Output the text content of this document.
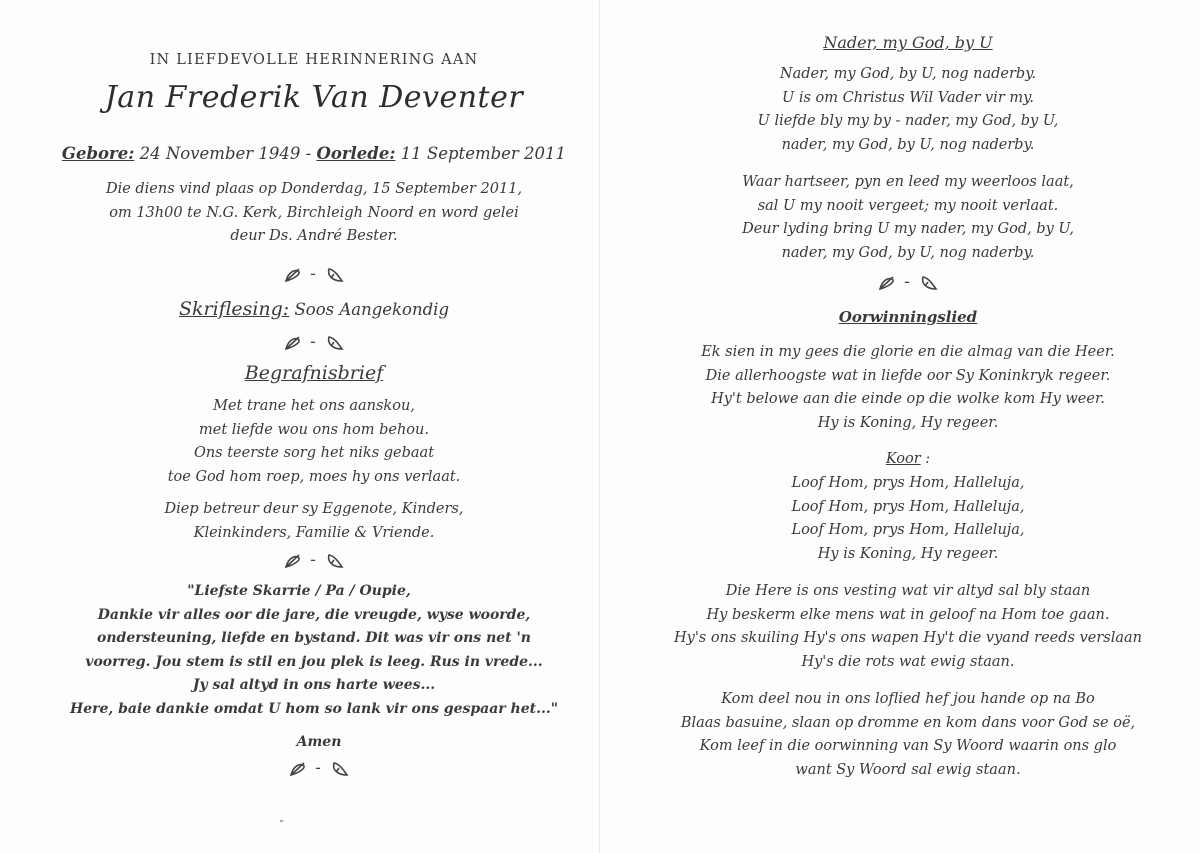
IN LIEFDEVOLLE HERINNERING AAN
Jan Frederik Van Deventer
Gebore: 24 November 1949 - Oorlede: 11 September 2011
Die diens vind plaas op Donderdag, 15 September 2011,
om 13h00 te N.G. Kerk, Birchleigh Noord en word gelei
deur Ds. André Bester.
-
Skriflesing: Soos Aangekondig
-
Begrafnisbrief
Met trane het ons aanskou,
met liefde wou ons hom behou.
Ons teerste sorg het niks gebaat
toe God hom roep, moes hy ons verlaat.
Diep betreur deur sy Eggenote, Kinders,
Kleinkinders, Familie & Vriende.
-
"Liefste Skarrie / Pa / Oupie,
Dankie vir alles oor die jare, die vreugde, wyse woorde,
ondersteuning, liefde en bystand. Dit was vir ons net 'n
voorreg. Jou stem is stil en jou plek is leeg. Rus in vrede...
Jy sal altyd in ons harte wees...
Here, baie dankie omdat U hom so lank vir ons gespaar het..."
Amen
-
Nader, my God, by U
Nader, my God, by U, nog naderby.
U is om Christus Wil Vader vir my.
U liefde bly my by - nader, my God, by U,
nader, my God, by U, nog naderby.
Waar hartseer, pyn en leed my weerloos laat,
sal U my nooit vergeet; my nooit verlaat.
Deur lyding bring U my nader, my God, by U,
nader, my God, by U, nog naderby.
-
Oorwinningslied
Ek sien in my gees die glorie en die almag van die Heer.
Die allerhoogste wat in liefde oor Sy Koninkryk regeer.
Hy't belowe aan die einde op die wolke kom Hy weer.
Hy is Koning, Hy regeer.
Koor :
Loof Hom, prys Hom, Halleluja,
Loof Hom, prys Hom, Halleluja,
Loof Hom, prys Hom, Halleluja,
Hy is Koning, Hy regeer.
Die Here is ons vesting wat vir altyd sal bly staan
Hy beskerm elke mens wat in geloof na Hom toe gaan.
Hy's ons skuiling Hy's ons wapen Hy't die vyand reeds verslaan
Hy's die rots wat ewig staan.
Kom deel nou in ons loflied hef jou hande op na Bo
Blaas basuine, slaan op dromme en kom dans voor God se oë,
Kom leef in die oorwinning van Sy Woord waarin ons glo
want Sy Woord sal ewig staan.
